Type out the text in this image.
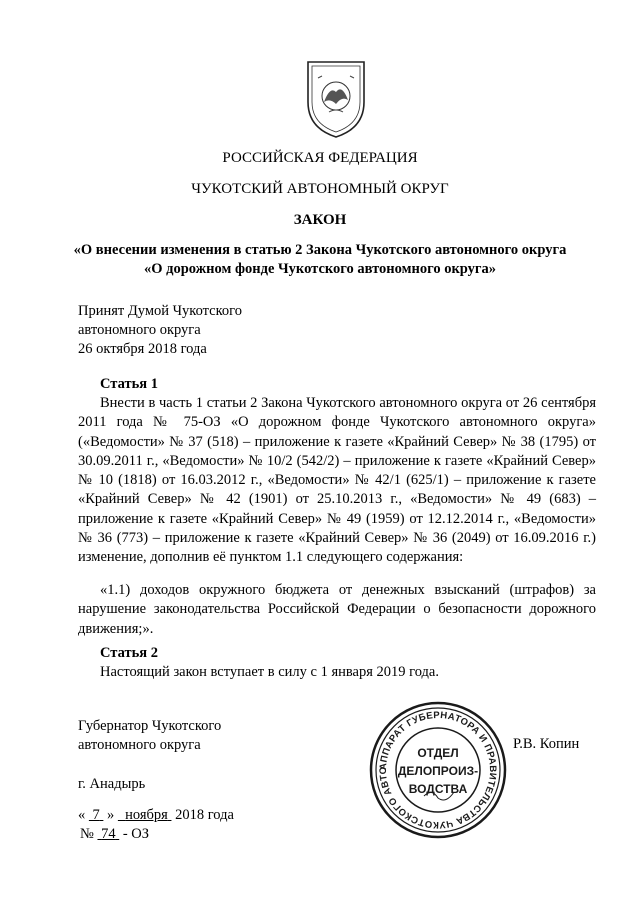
РОССИЙСКАЯ ФЕДЕРАЦИЯ
ЧУКОТСКИЙ АВТОНОМНЫЙ ОКРУГ
ЗАКОН
«О внесении изменения в статью 2 Закона Чукотского автономного округа
«О дорожном фонде Чукотского автономного округа»
Принят Думой Чукотского
автономного округа
26 октября 2018 года
Статья 1

Внести в часть 1 статьи 2 Закона Чукотского автономного округа от 26 сентября 2011 года № 75-ОЗ «О дорожном фонде Чукотского автономного округа» («Ведомости» № 37 (518) – приложение к газете «Крайний Север» № 38 (1795) от 30.09.2011 г., «Ведомости» № 10/2 (542/2) – приложение к газете «Крайний Север» № 10 (1818) от 16.03.2012 г., «Ведомости» № 42/1 (625/1) – приложение к газете «Крайний Север» № 42 (1901) от 25.10.2013 г., «Ведомости» № 49 (683) – приложение к газете «Крайний Север» № 49 (1959) от 12.12.2014 г., «Ведомости» № 36 (773) – приложение к газете «Крайний Север» № 36 (2049) от 16.09.2016 г.) изменение, дополнив её пунктом 1.1 следующего содержания:

«1.1) доходов окружного бюджета от денежных взысканий (штрафов) за нарушение законодательства Российской Федерации о безопасности дорожного движения;».

Статья 2
Настоящий закон вступает в силу с 1 января 2019 года.
Губернатор Чукотского
автономного округа	Р.В. Копин
г. Анадырь
« 7 » ноября 2018 года
№ 74 - ОЗ
АППАРАТ ГУБЕРНАТОРА И ПРАВИТЕЛЬСТВА ЧУКОТСКОГО АВТО
ОТДЕЛ
ДЕЛОПРОИЗ-
ВОДСТВА
